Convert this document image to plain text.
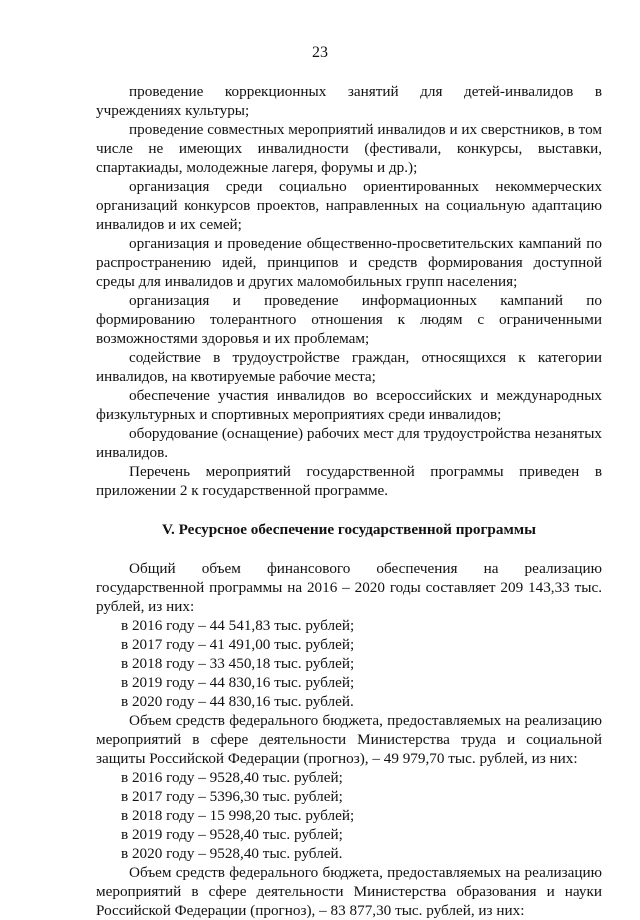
23

проведение коррекционных занятий для детей-инвалидов в учреждениях культуры;

проведение совместных мероприятий инвалидов и их сверстников, в том числе не имеющих инвалидности (фестивали, конкурсы, выставки, спартакиады, молодежные лагеря, форумы и др.);

организация среди социально ориентированных некоммерческих организаций конкурсов проектов, направленных на социальную адаптацию инвалидов и их семей;

организация и проведение общественно-просветительских кампаний по распространению идей, принципов и средств формирования доступной среды для инвалидов и других маломобильных групп населения;

организация и проведение информационных кампаний по формированию толерантного отношения к людям с ограниченными возможностями здоровья и их проблемам;

содействие в трудоустройстве граждан, относящихся к категории инвалидов, на квотируемые рабочие места;

обеспечение участия инвалидов во всероссийских и международных физкультурных и спортивных мероприятиях среди инвалидов;

оборудование (оснащение) рабочих мест для трудоустройства незанятых инвалидов.

Перечень мероприятий государственной программы приведен в приложении 2 к государственной программе.

V. Ресурсное обеспечение государственной программы

Общий объем финансового обеспечения на реализацию государственной программы на 2016 – 2020 годы составляет 209 143,33 тыс. рублей, из них:

в 2016 году – 44 541,83 тыс. рублей;

в 2017 году – 41 491,00 тыс. рублей;

в 2018 году – 33 450,18 тыс. рублей;

в 2019 году – 44 830,16 тыс. рублей;

в 2020 году – 44 830,16 тыс. рублей.

Объем средств федерального бюджета, предоставляемых на реализацию мероприятий в сфере деятельности Министерства труда и социальной защиты Российской Федерации (прогноз), – 49 979,70 тыс. рублей, из них:

в 2016 году – 9528,40 тыс. рублей;

в 2017 году – 5396,30 тыс. рублей;

в 2018 году – 15 998,20 тыс. рублей;

в 2019 году – 9528,40 тыс. рублей;

в 2020 году – 9528,40 тыс. рублей.

Объем средств федерального бюджета, предоставляемых на реализацию мероприятий в сфере деятельности Министерства образования и науки Российской Федерации (прогноз), – 83 877,30 тыс. рублей, из них:
